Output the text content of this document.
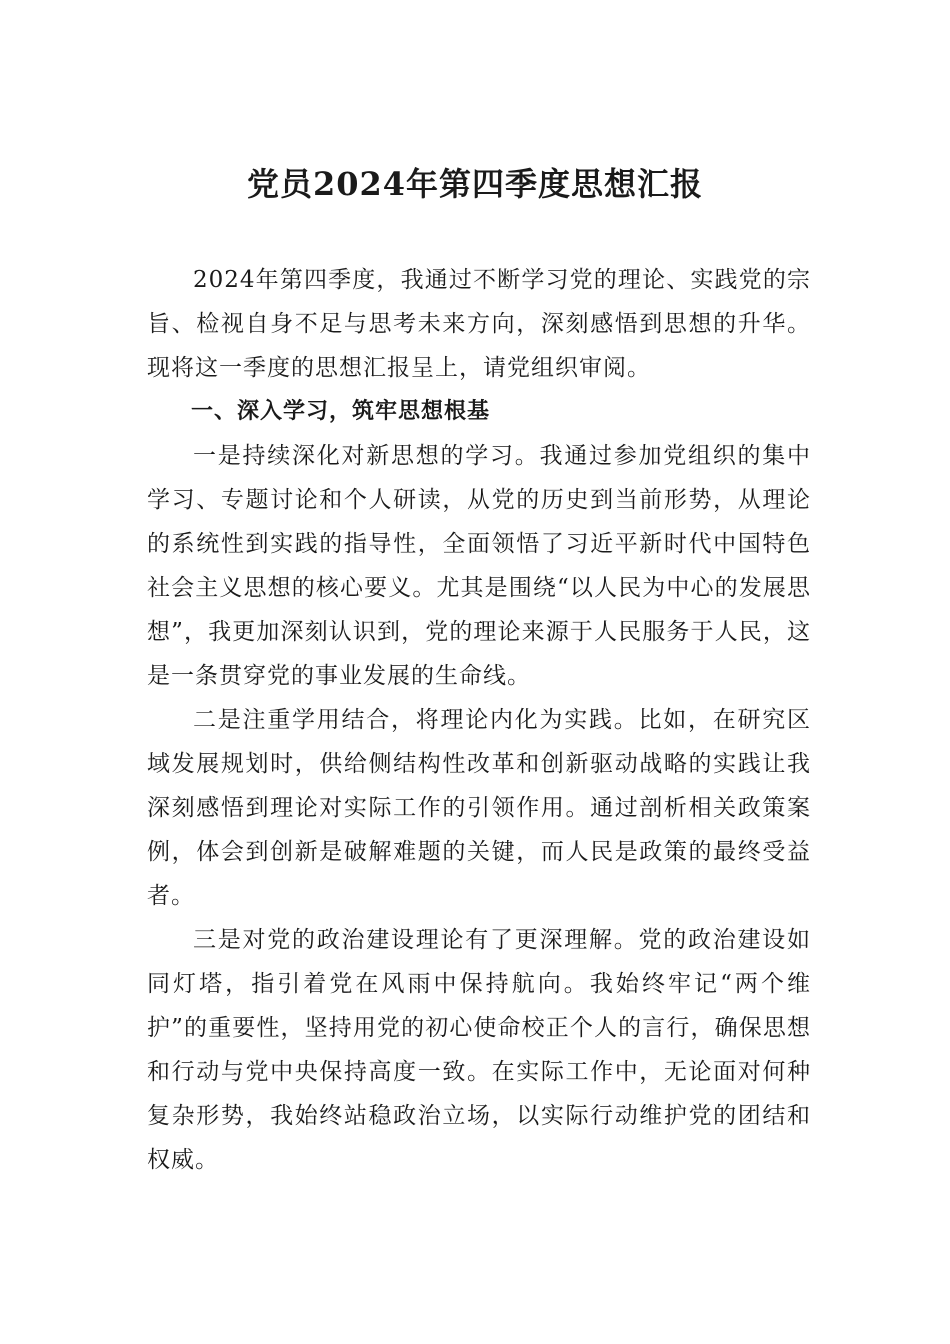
党员2024年第四季度思想汇报

2024年第四季度，我通过不断学习党的理论、实践党的宗旨、检视自身不足与思考未来方向，深刻感悟到思想的升华。现将这一季度的思想汇报呈上，请党组织审阅。

一、深入学习，筑牢思想根基

一是持续深化对新思想的学习。我通过参加党组织的集中学习、专题讨论和个人研读，从党的历史到当前形势，从理论的系统性到实践的指导性，全面领悟了习近平新时代中国特色社会主义思想的核心要义。尤其是围绕“以人民为中心的发展思想”，我更加深刻认识到，党的理论来源于人民服务于人民，这是一条贯穿党的事业发展的生命线。

二是注重学用结合，将理论内化为实践。比如，在研究区域发展规划时，供给侧结构性改革和创新驱动战略的实践让我深刻感悟到理论对实际工作的引领作用。通过剖析相关政策案例，体会到创新是破解难题的关键，而人民是政策的最终受益者。

三是对党的政治建设理论有了更深理解。党的政治建设如同灯塔，指引着党在风雨中保持航向。我始终牢记“两个维护”的重要性，坚持用党的初心使命校正个人的言行，确保思想和行动与党中央保持高度一致。在实际工作中，无论面对何种复杂形势，我始终站稳政治立场，以实际行动维护党的团结和权威。
